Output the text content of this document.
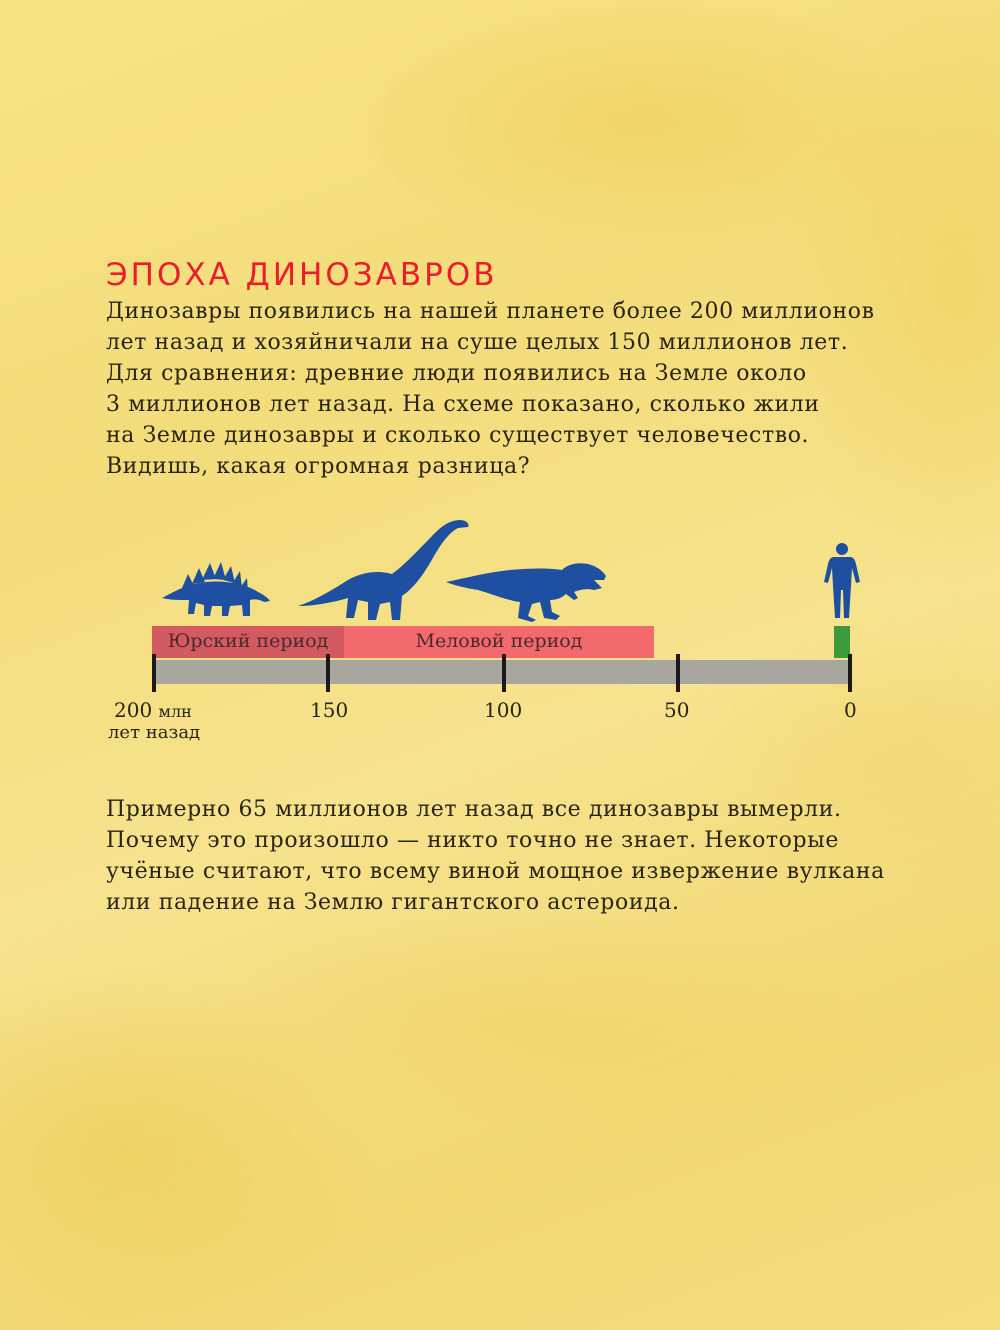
ЭПОХА ДИНОЗАВРОВ
Динозавры появились на нашей планете более 200 миллионов
лет назад и хозяйничали на суше целых 150 миллионов лет.
Для сравнения: древние люди появились на Земле около
3 миллионов лет назад. На схеме показано, сколько жили
на Земле динозавры и сколько существует человечество.
Видишь, какая огромная разница?
Юрский период	Меловой период
200 млн
лет назад
150	100	50	0
Примерно 65 миллионов лет назад все динозавры вымерли.
Почему это произошло — никто точно не знает. Некоторые
учёные считают, что всему виной мощное извержение вулкана
или падение на Землю гигантского астероида.
